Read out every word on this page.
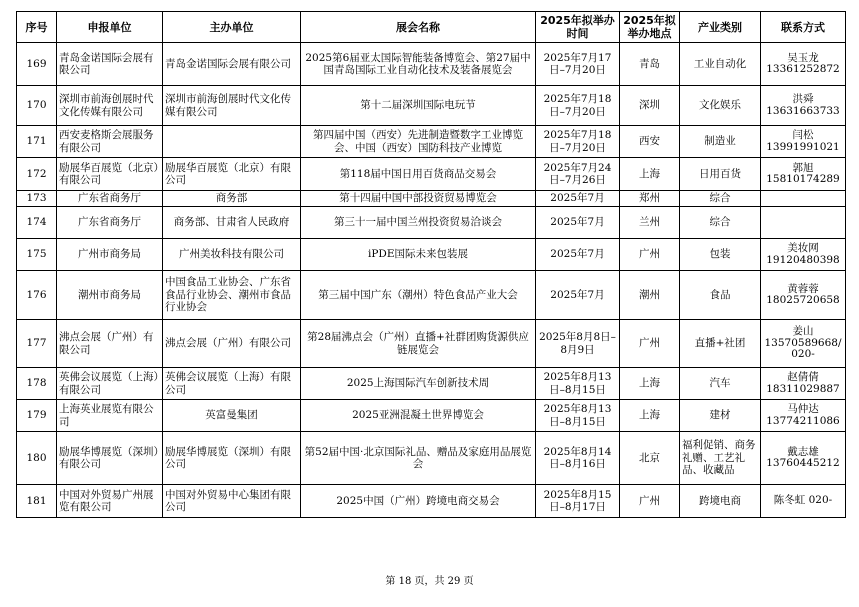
序号	申报单位	主办单位	展会名称	2025年拟举办时间	2025年拟举办地点	产业类别	联系方式
169	青岛金诺国际会展有限公司	青岛金诺国际会展有限公司	2025第6届亚太国际智能装备博览会、第27届中国青岛国际工业自动化技术及装备展览会	2025年7月17日–7月20日	青岛	工业自动化	吴玉龙 13361252872
170	深圳市前海创展时代文化传媒有限公司	深圳市前海创展时代文化传媒有限公司	第十二届深圳国际电玩节	2025年7月18日–7月20日	深圳	文化娱乐	洪舜 13631663733
171	西安麦格斯会展服务有限公司		第四届中国（西安）先进制造暨数字工业博览会、中国（西安）国防科技产业博览	2025年7月18日–7月20日	西安	制造业	闫松 13991991021
172	励展华百展览（北京）有限公司	励展华百展览（北京）有限公司	第118届中国日用百货商品交易会	2025年7月24日–7月26日	上海	日用百货	郭旭 15810174289
173	广东省商务厅	商务部	第十四届中国中部投资贸易博览会	2025年7月	郑州	综合	
174	广东省商务厅	商务部、甘肃省人民政府	第三十一届中国兰州投资贸易洽谈会	2025年7月	兰州	综合	
175	广州市商务局	广州美妆科技有限公司	iPDE国际未来包装展	2025年7月	广州	包装	美妆网 19120480398
176	潮州市商务局	中国食品工业协会、广东省食品行业协会、潮州市食品行业协会	第三届中国广东（潮州）特色食品产业大会	2025年7月	潮州	食品	黄蓉蓉 18025720658
177	沸点会展（广州）有限公司	沸点会展（广州）有限公司	第28届沸点会（广州）直播+社群团购货源供应链展览会	2025年8月8日–8月9日	广州	直播+社团	姜山 13570589668/ 020-
178	英佛会议展览（上海）有限公司	英佛会议展览（上海）有限公司	2025上海国际汽车创新技术周	2025年8月13日–8月15日	上海	汽车	赵倩倩 18311029887
179	上海英业展览有限公司	英富曼集团	2025亚洲混凝土世界博览会	2025年8月13日–8月15日	上海	建材	马仲达 13774211086
180	励展华博展览（深圳）有限公司	励展华博展览（深圳）有限公司	第52届中国·北京国际礼品、赠品及家庭用品展览会	2025年8月14日–8月16日	北京	福利促销、商务礼赠、工艺礼品、收藏品	戴志雄 13760445212
181	中国对外贸易广州展览有限公司	中国对外贸易中心集团有限公司	2025中国（广州）跨境电商交易会	2025年8月15日–8月17日	广州	跨境电商	陈冬虹 020-
第 18 页，共 29 页
